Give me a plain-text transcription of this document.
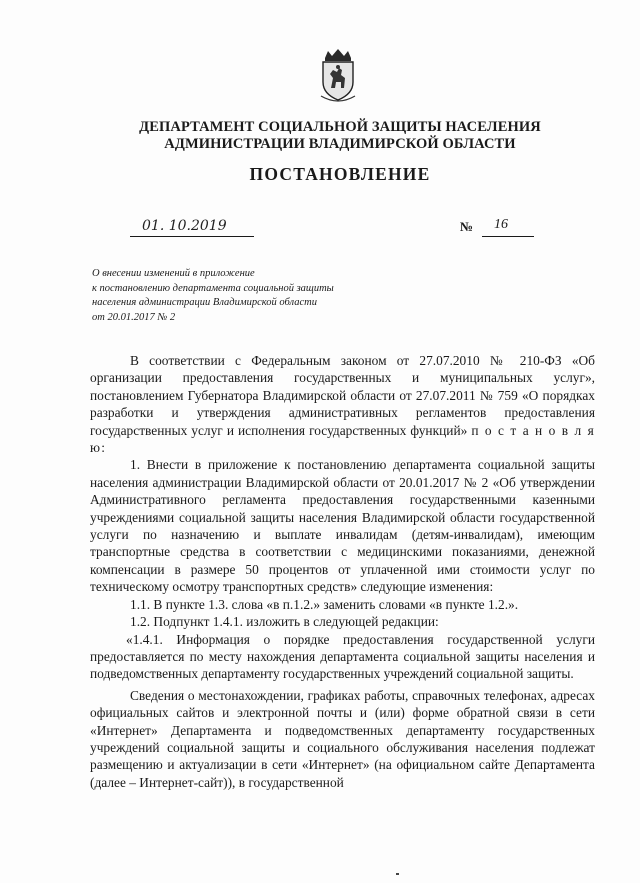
ДЕПАРТАМЕНТ СОЦИАЛЬНОЙ ЗАЩИТЫ НАСЕЛЕНИЯ
АДМИНИСТРАЦИИ ВЛАДИМИРСКОЙ ОБЛАСТИ
ПОСТАНОВЛЕНИЕ
01. 10.2019	№ 16
О внесении изменений в приложение
к постановлению департамента социальной защиты
населения администрации Владимирской области
от 20.01.2017 № 2

В соответствии с Федеральным законом от 27.07.2010 № 210-ФЗ «Об организации предоставления государственных и муниципальных услуг», постановлением Губернатора Владимирской области от 27.07.2011 № 759 «О порядках разработки и утверждения административных регламентов предоставления государственных услуг и исполнения государственных функций» п о с т а н о в л я ю:

1. Внести в приложение к постановлению департамента социальной защиты населения администрации Владимирской области от 20.01.2017 № 2 «Об утверждении Административного регламента предоставления государственными казенными учреждениями социальной защиты населения Владимирской области государственной услуги по назначению и выплате инвалидам (детям-инвалидам), имеющим транспортные средства в соответствии с медицинскими показаниями, денежной компенсации в размере 50 процентов от уплаченной ими стоимости услуг по техническому осмотру транспортных средств» следующие изменения:

1.1. В пункте 1.3. слова «в п.1.2.» заменить словами «в пункте 1.2.».

1.2. Подпункт 1.4.1. изложить в следующей редакции:

«1.4.1. Информация о порядке предоставления государственной услуги предоставляется по месту нахождения департамента социальной защиты населения и подведомственных департаменту государственных учреждений социальной защиты.

Сведения о местонахождении, графиках работы, справочных телефонах, адресах официальных сайтов и электронной почты и (или) форме обратной связи в сети «Интернет» Департамента и подведомственных департаменту государственных учреждений социальной защиты и социального обслуживания населения подлежат размещению и актуализации в сети «Интернет» (на официальном сайте Департамента (далее – Интернет-сайт)), в государственной
